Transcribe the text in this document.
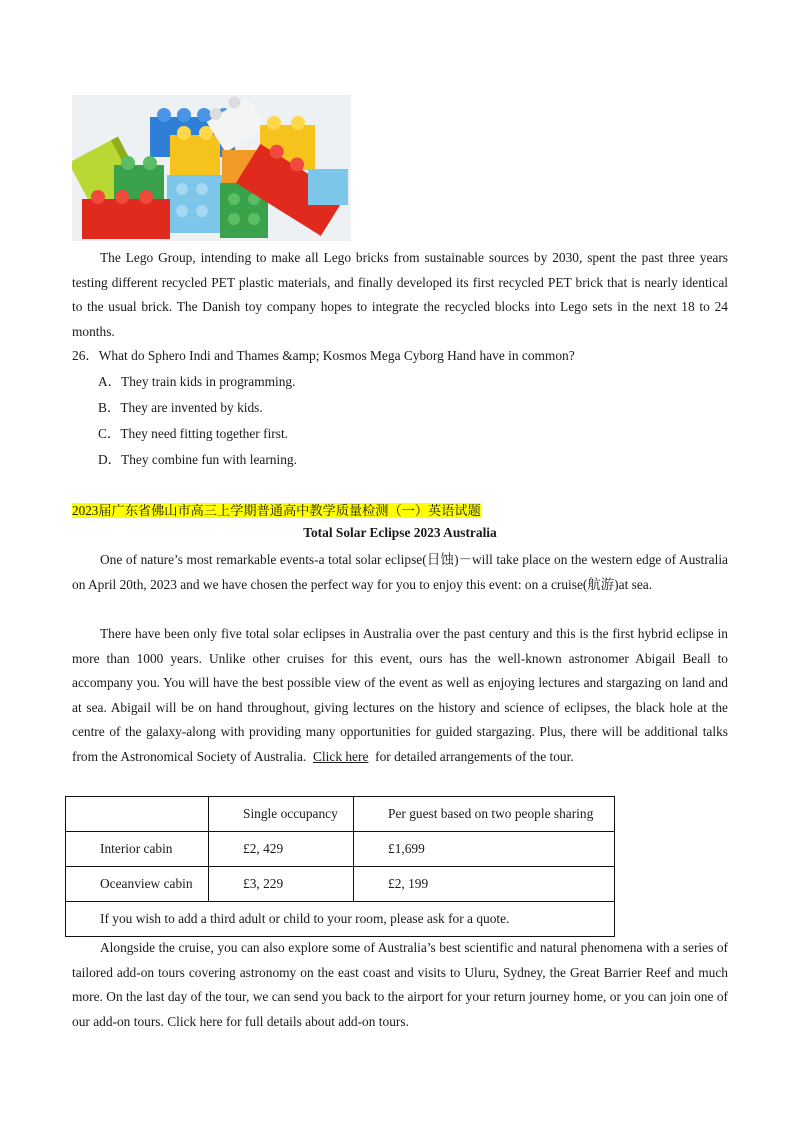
The Lego Group, intending to make all Lego bricks from sustainable sources by 2030, spent the past three years testing different recycled PET plastic materials, and finally developed its first recycled PET brick that is nearly identical to the usual brick. The Danish toy company hopes to integrate the recycled blocks into Lego sets in the next 18 to 24 months.

26．What do Sphero Indi and Thames &amp; Kosmos Mega Cyborg Hand have in common?
A．They train kids in programming.
B．They are invented by kids.
C．They need fitting together first.
D．They combine fun with learning.
2023届广东省佛山市高三上学期普通高中教学质量检测（一）英语试题
Total Solar Eclipse 2023 Australia

One of nature’s most remarkable events-a total solar eclipse(日蚀)－will take place on the western edge of Australia on April 20th, 2023 and we have chosen the perfect way for you to enjoy this event: on a cruise(航游)at sea.

There have been only five total solar eclipses in Australia over the past century and this is the first hybrid eclipse in more than 1000 years. Unlike other cruises for this event, ours has the well-known astronomer Abigail Beall to accompany you. You will have the best possible view of the event as well as enjoying lectures and stargazing on land and at sea. Abigail will be on hand throughout, giving lectures on the history and science of eclipses, the black hole at the centre of the galaxy-along with providing many opportunities for guided stargazing. Plus, there will be additional talks from the Astronomical Society of Australia. Click here for detailed arrangements of the tour.

	Single occupancy	Per guest based on two people sharing
Interior cabin	£2, 429	£1,699
Oceanview cabin	£3, 229	£2, 199
If you wish to add a third adult or child to your room, please ask for a quote.		

Alongside the cruise, you can also explore some of Australia’s best scientific and natural phenomena with a series of tailored add-on tours covering astronomy on the east coast and visits to Uluru, Sydney, the Great Barrier Reef and much more. On the last day of the tour, we can send you back to the airport for your return journey home, or you can join one of our add-on tours. Click here for full details about add-on tours.
